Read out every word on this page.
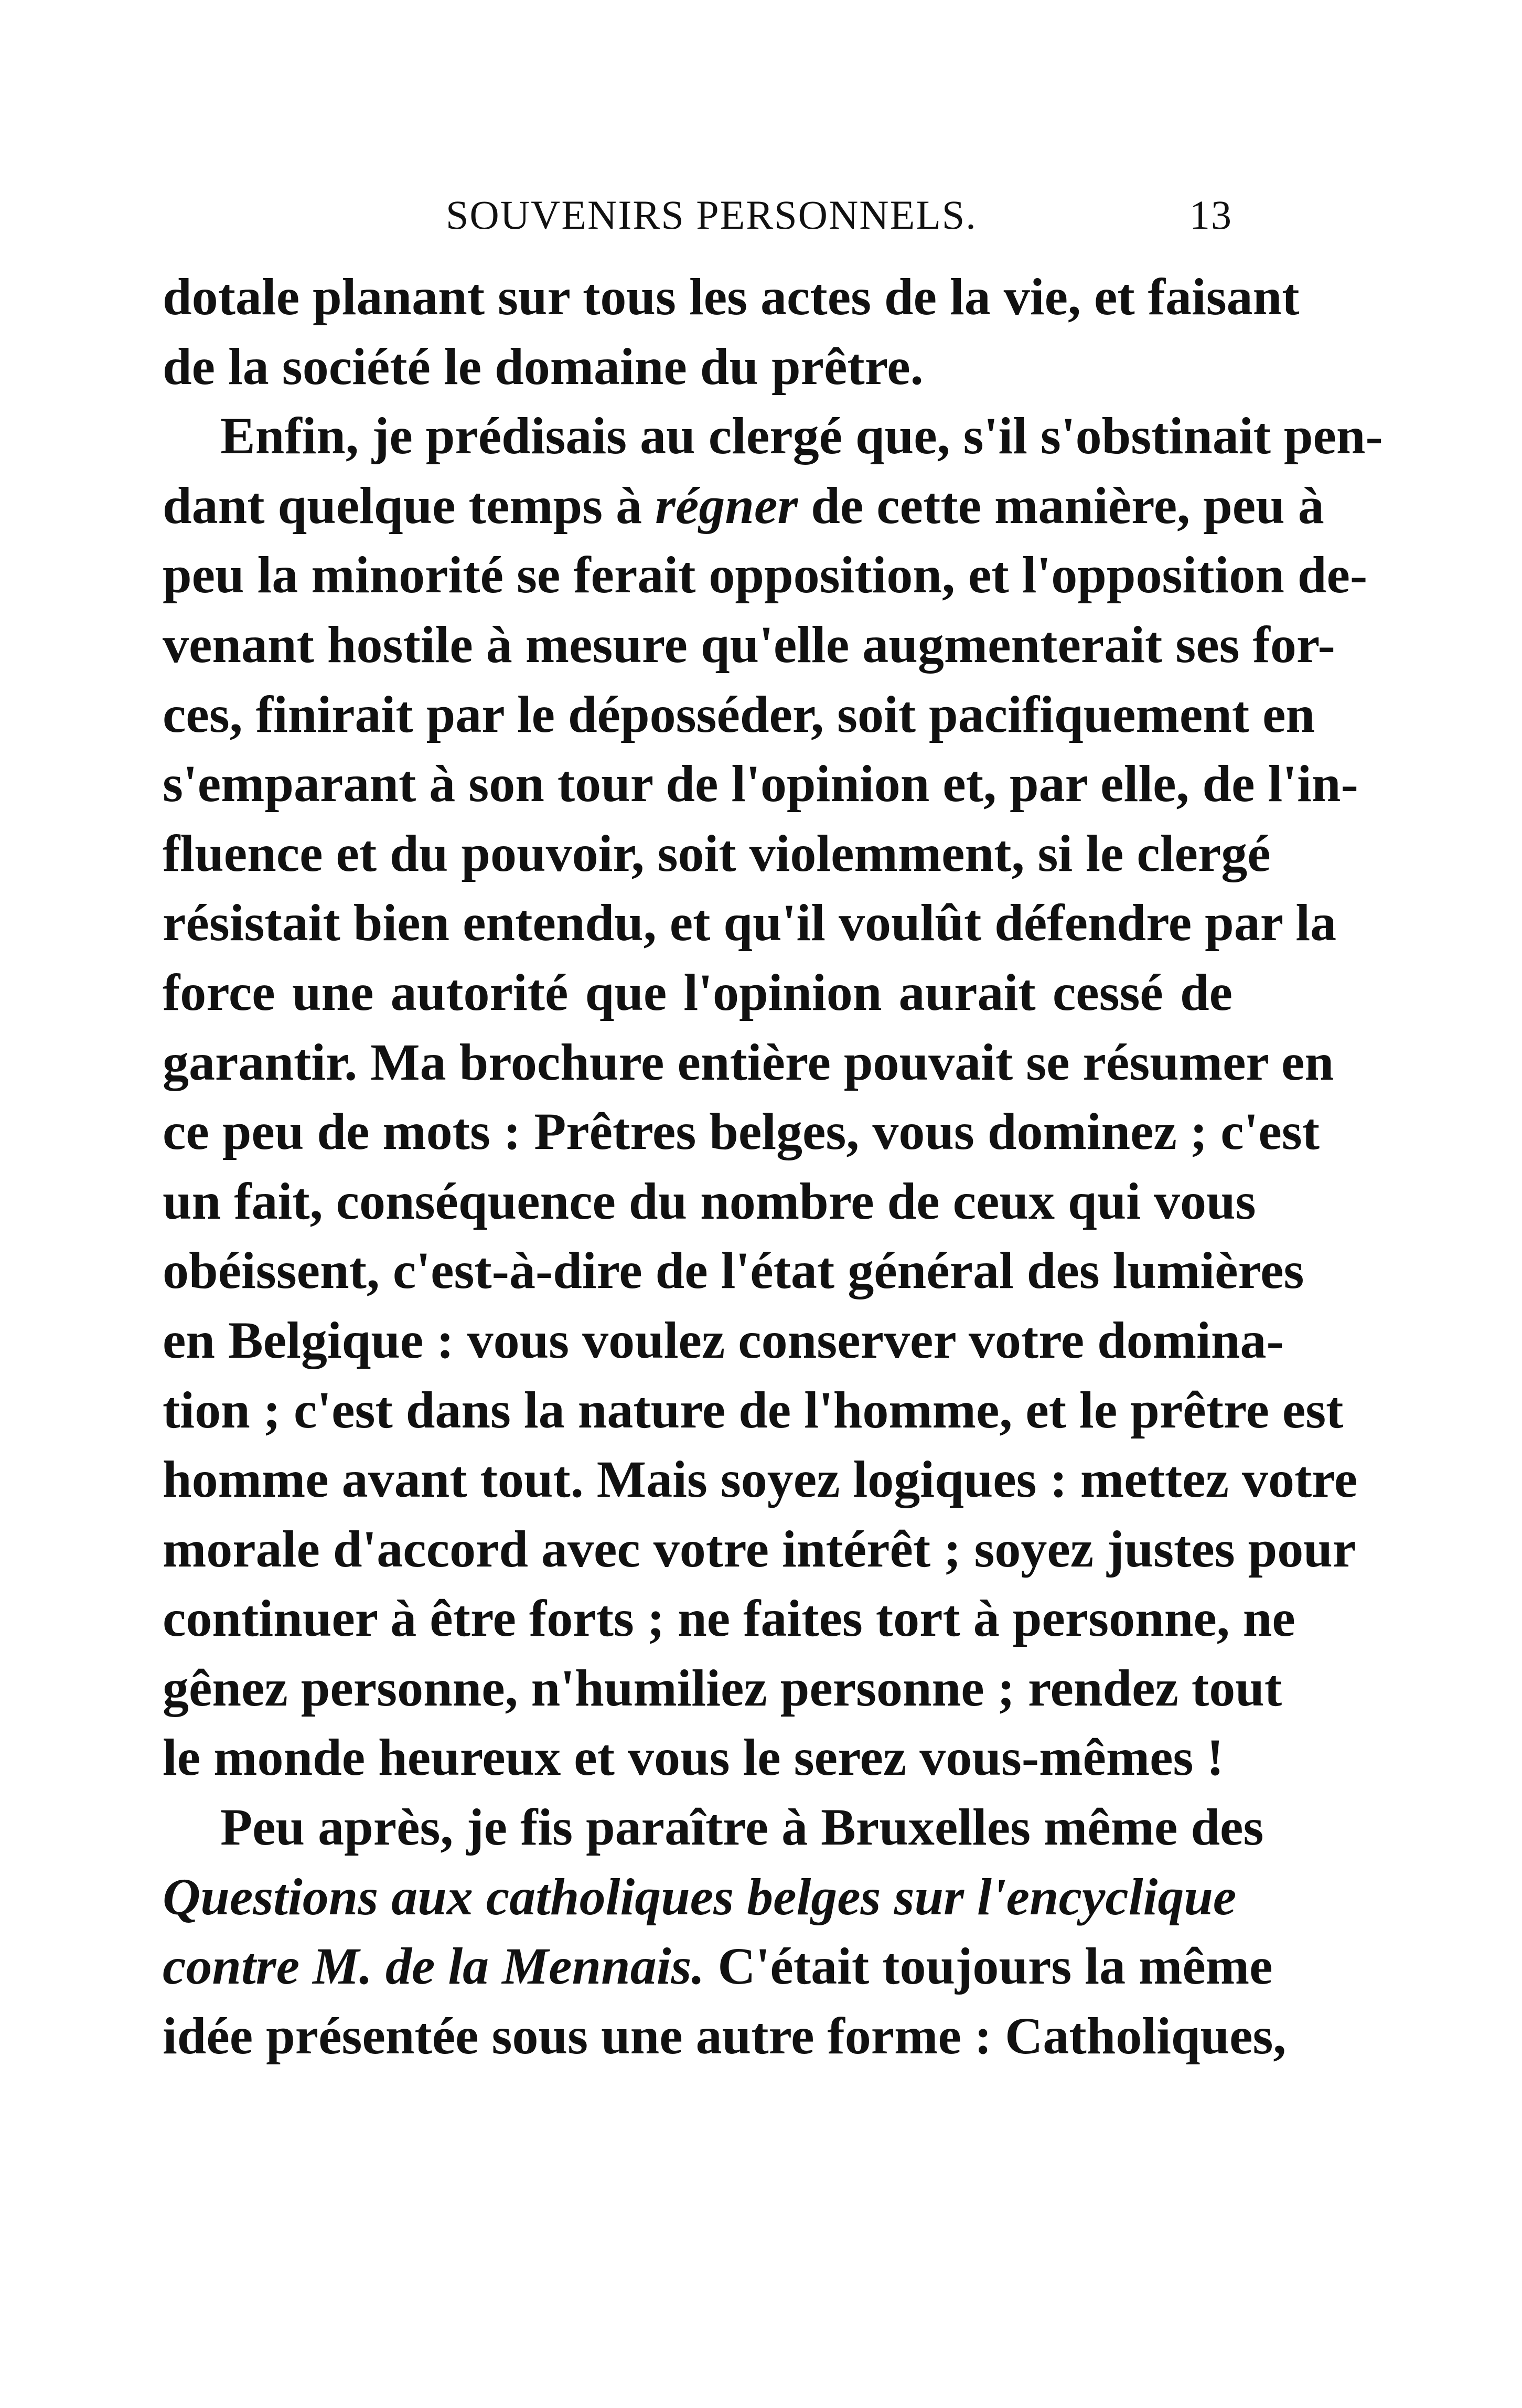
SOUVENIRS PERSONNELS.	13
dotale planant sur tous les actes de la vie, et faisant
de la société le domaine du prêtre.
Enfin, je prédisais au clergé que, s'il s'obstinait pen-
dant quelque temps à régner de cette manière, peu à
peu la minorité se ferait opposition, et l'opposition de-
venant hostile à mesure qu'elle augmenterait ses for-
ces, finirait par le déposséder, soit pacifiquement en
s'emparant à son tour de l'opinion et, par elle, de l'in-
fluence et du pouvoir, soit violemment, si le clergé
résistait bien entendu, et qu'il voulût défendre par la
force une autorité que l'opinion aurait cessé de
garantir. Ma brochure entière pouvait se résumer en
ce peu de mots : Prêtres belges, vous dominez ; c'est
un fait, conséquence du nombre de ceux qui vous
obéissent, c'est-à-dire de l'état général des lumières
en Belgique : vous voulez conserver votre domina-
tion ; c'est dans la nature de l'homme, et le prêtre est
homme avant tout. Mais soyez logiques : mettez votre
morale d'accord avec votre intérêt ; soyez justes pour
continuer à être forts ; ne faites tort à personne, ne
gênez personne, n'humiliez personne ; rendez tout
le monde heureux et vous le serez vous-mêmes !
Peu après, je fis paraître à Bruxelles même des
Questions aux catholiques belges sur l'encyclique
contre M. de la Mennais. C'était toujours la même
idée présentée sous une autre forme : Catholiques,
